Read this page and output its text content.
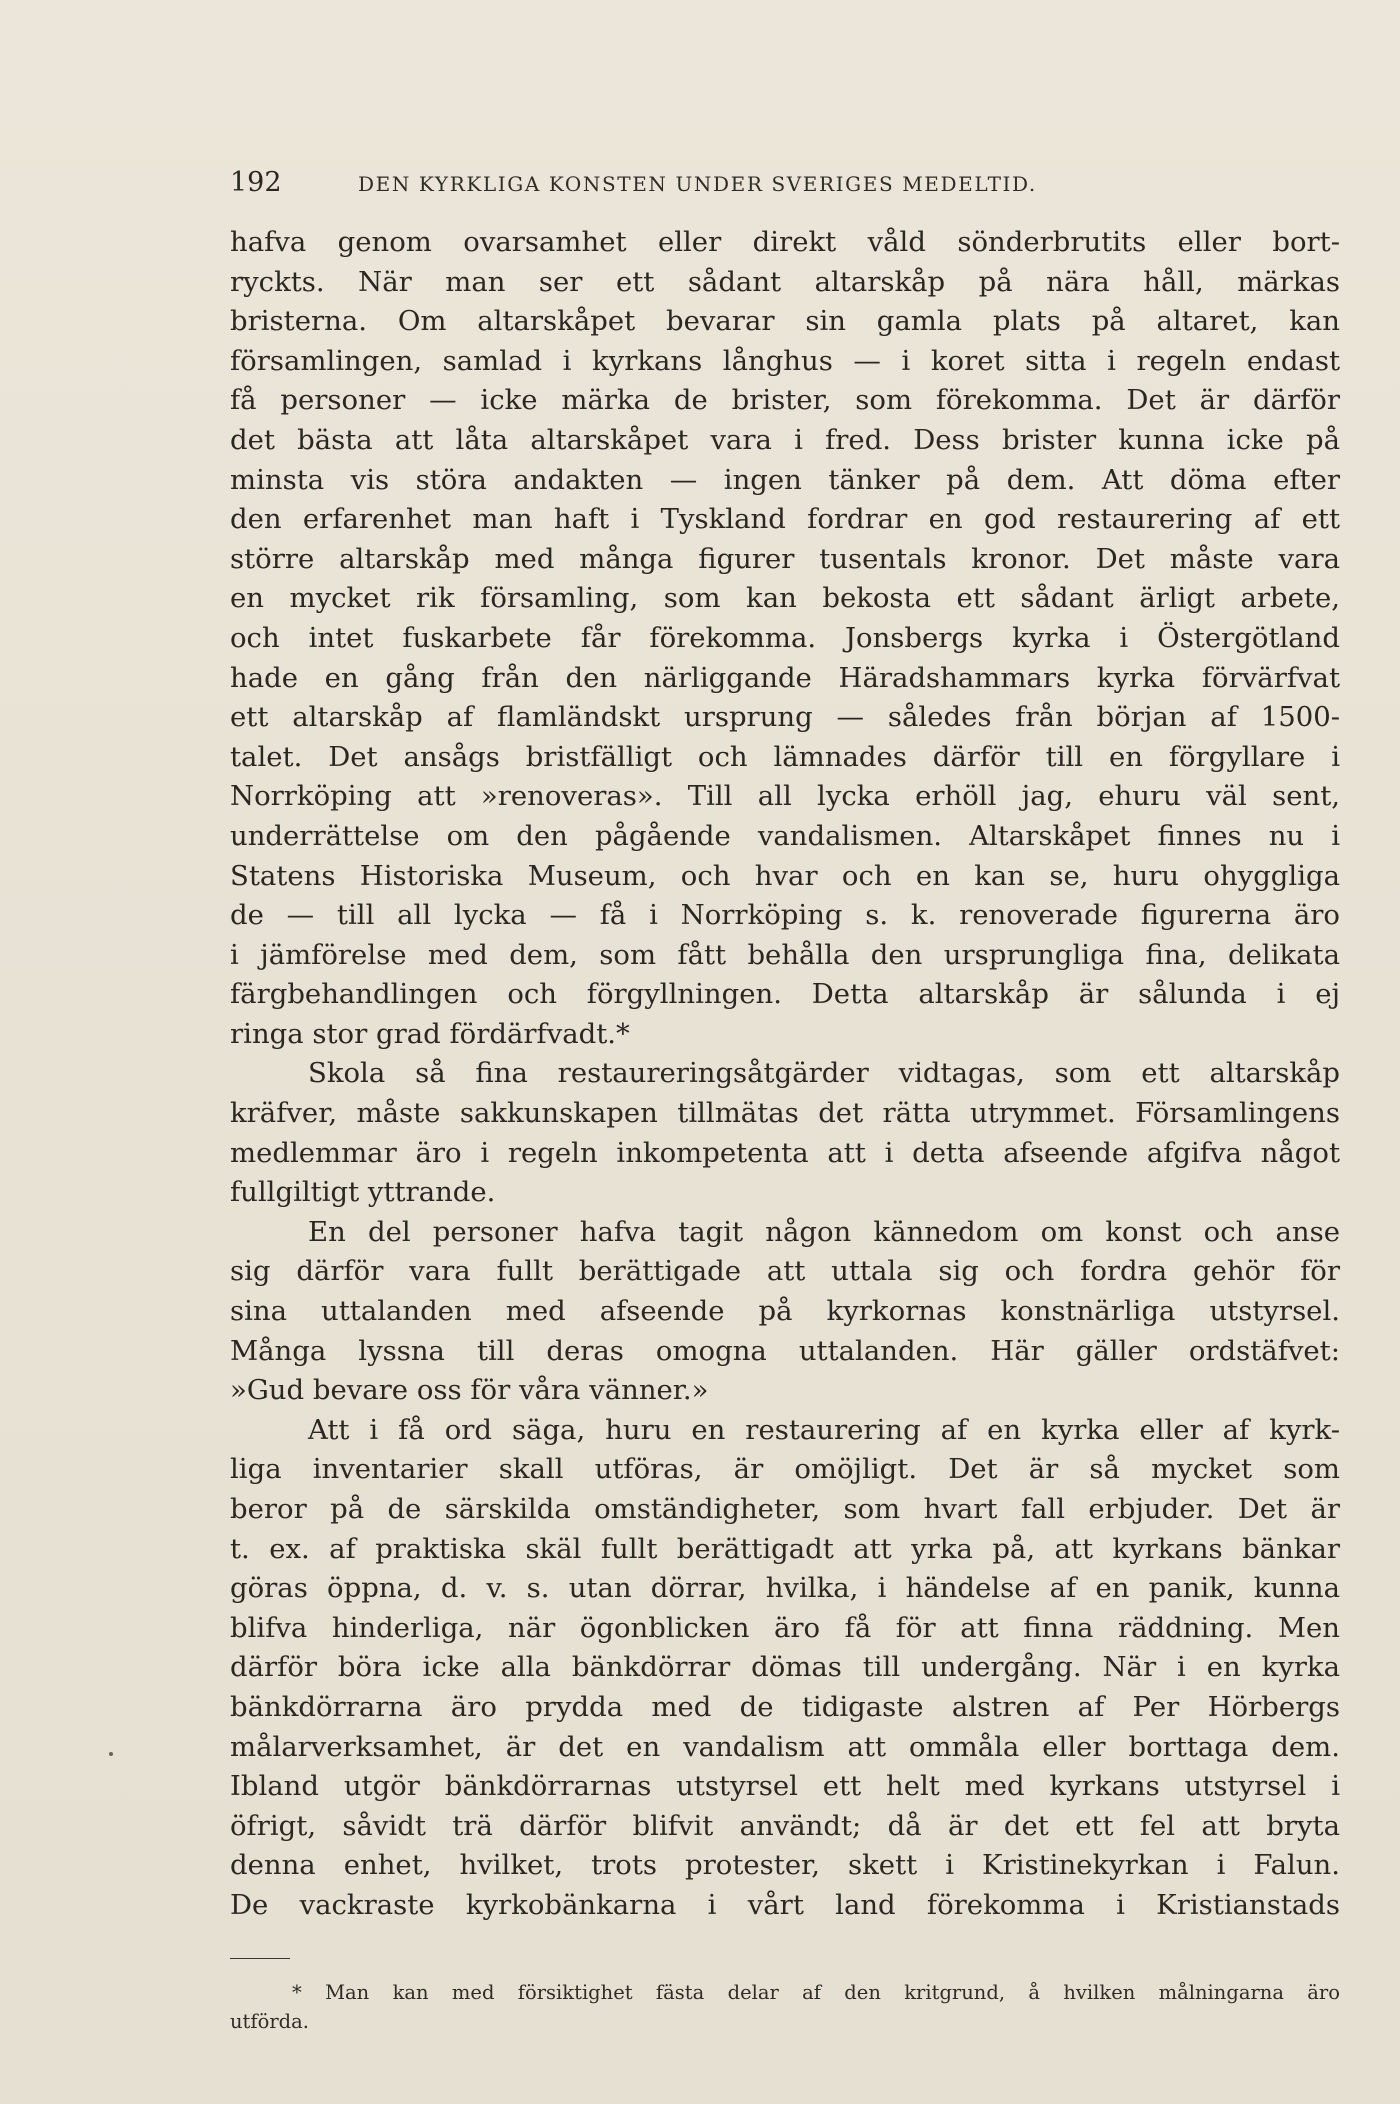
192	DEN KYRKLIGA KONSTEN UNDER SVERIGES MEDELTID.
hafva genom ovarsamhet eller direkt våld sönderbrutits eller bort-
ryckts. När man ser ett sådant altarskåp på nära håll, märkas
bristerna. Om altarskåpet bevarar sin gamla plats på altaret, kan
församlingen, samlad i kyrkans långhus — i koret sitta i regeln endast
få personer — icke märka de brister, som förekomma. Det är därför
det bästa att låta altarskåpet vara i fred. Dess brister kunna icke på
minsta vis störa andakten — ingen tänker på dem. Att döma efter
den erfarenhet man haft i Tyskland fordrar en god restaurering af ett
större altarskåp med många figurer tusentals kronor. Det måste vara
en mycket rik församling, som kan bekosta ett sådant ärligt arbete,
och intet fuskarbete får förekomma. Jonsbergs kyrka i Östergötland
hade en gång från den närliggande Häradshammars kyrka förvärfvat
ett altarskåp af flamländskt ursprung — således från början af 1500-
talet. Det ansågs bristfälligt och lämnades därför till en förgyllare i
Norrköping att »renoveras». Till all lycka erhöll jag, ehuru väl sent,
underrättelse om den pågående vandalismen. Altarskåpet finnes nu i
Statens Historiska Museum, och hvar och en kan se, huru ohyggliga
de — till all lycka — få i Norrköping s. k. renoverade figurerna äro
i jämförelse med dem, som fått behålla den ursprungliga fina, delikata
färgbehandlingen och förgyllningen. Detta altarskåp är sålunda i ej
ringa stor grad fördärfvadt.*
Skola så fina restaureringsåtgärder vidtagas, som ett altarskåp
kräfver, måste sakkunskapen tillmätas det rätta utrymmet. Församlingens
medlemmar äro i regeln inkompetenta att i detta afseende afgifva något
fullgiltigt yttrande.
En del personer hafva tagit någon kännedom om konst och anse
sig därför vara fullt berättigade att uttala sig och fordra gehör för
sina uttalanden med afseende på kyrkornas konstnärliga utstyrsel.
Många lyssna till deras omogna uttalanden. Här gäller ordstäfvet:
»Gud bevare oss för våra vänner.»
Att i få ord säga, huru en restaurering af en kyrka eller af kyrk-
liga inventarier skall utföras, är omöjligt. Det är så mycket som
beror på de särskilda omständigheter, som hvart fall erbjuder. Det är
t. ex. af praktiska skäl fullt berättigadt att yrka på, att kyrkans bänkar
göras öppna, d. v. s. utan dörrar, hvilka, i händelse af en panik, kunna
blifva hinderliga, när ögonblicken äro få för att finna räddning. Men
därför böra icke alla bänkdörrar dömas till undergång. När i en kyrka
bänkdörrarna äro prydda med de tidigaste alstren af Per Hörbergs
målarverksamhet, är det en vandalism att ommåla eller borttaga dem.
Ibland utgör bänkdörrarnas utstyrsel ett helt med kyrkans utstyrsel i
öfrigt, såvidt trä därför blifvit användt; då är det ett fel att bryta
denna enhet, hvilket, trots protester, skett i Kristinekyrkan i Falun.
De vackraste kyrkobänkarna i vårt land förekomma i Kristianstads
* Man kan med försiktighet fästa delar af den kritgrund, å hvilken målningarna äro
utförda.
